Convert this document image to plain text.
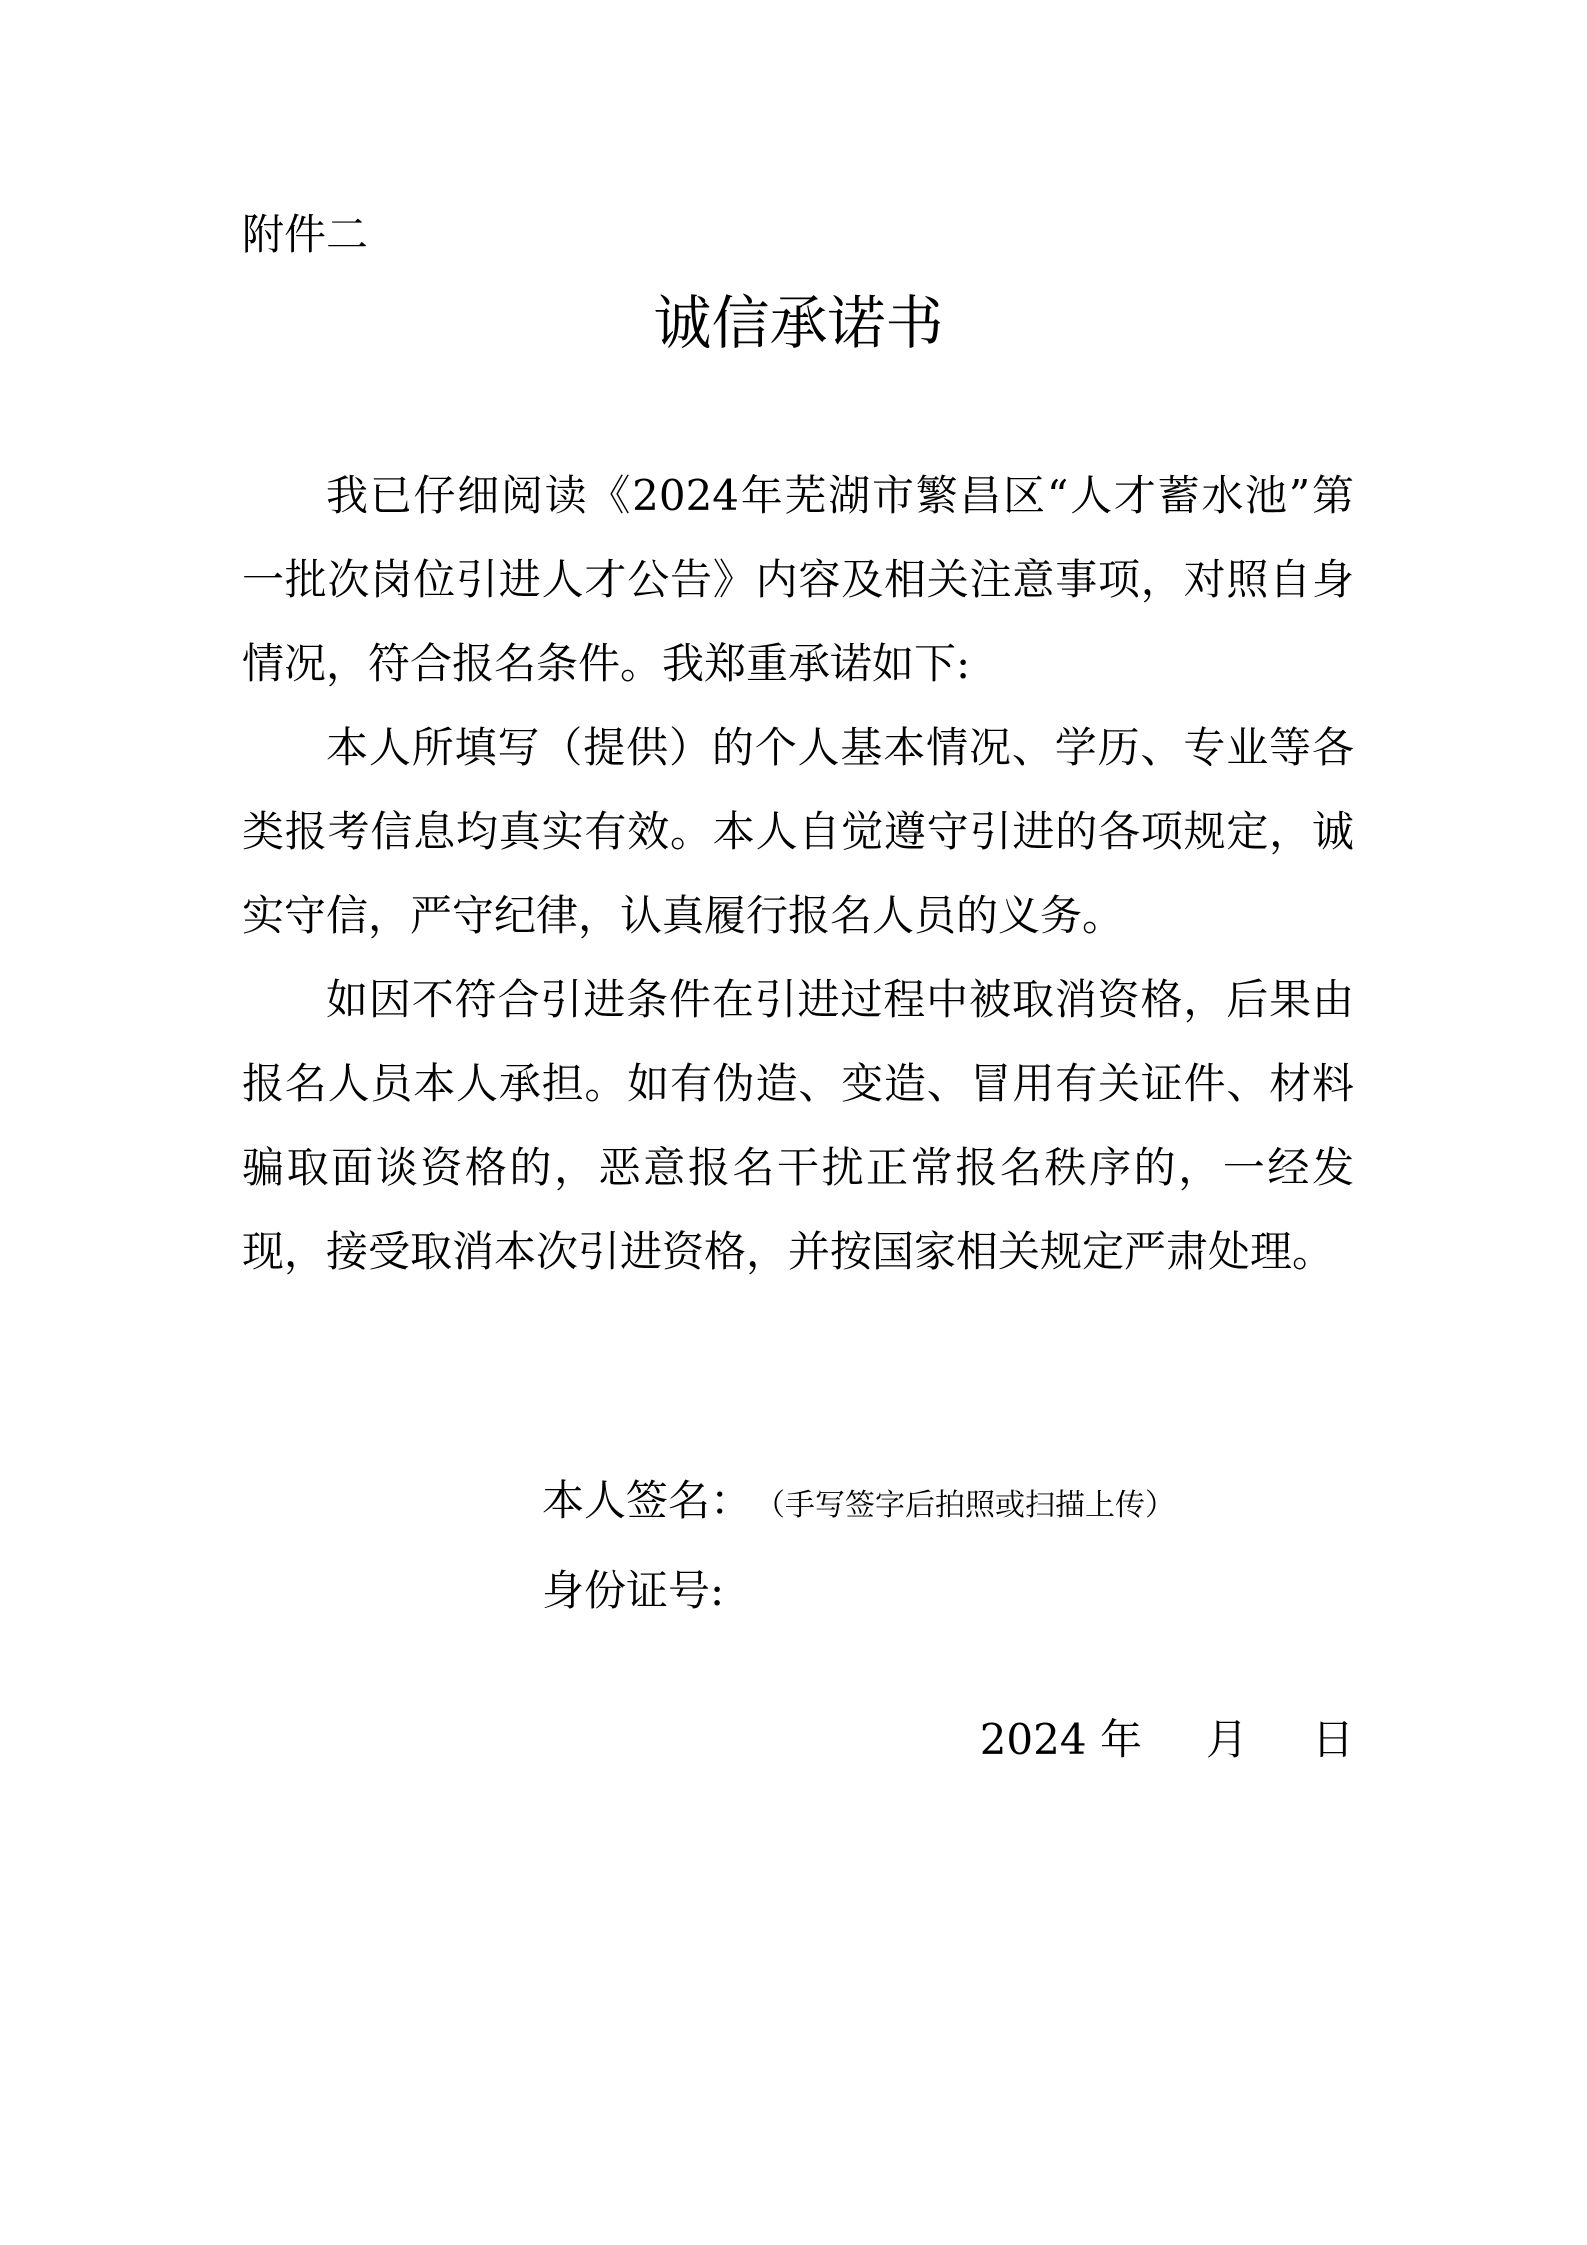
附件二
诚信承诺书

我已仔细阅读《2024年芜湖市繁昌区“人才蓄水池”第一批次岗位引进人才公告》内容及相关注意事项，对照自身情况，符合报名条件。我郑重承诺如下:

本人所填写（提供）的个人基本情况、学历、专业等各类报考信息均真实有效。本人自觉遵守引进的各项规定，诚实守信，严守纪律，认真履行报名人员的义务。

如因不符合引进条件在引进过程中被取消资格，后果由报名人员本人承担。如有伪造、变造、冒用有关证件、材料骗取面谈资格的，恶意报名干扰正常报名秩序的，一经发现，接受取消本次引进资格，并按国家相关规定严肃处理。

本人签名： （手写签字后拍照或扫描上传）
身份证号:
2024 年 月 日
